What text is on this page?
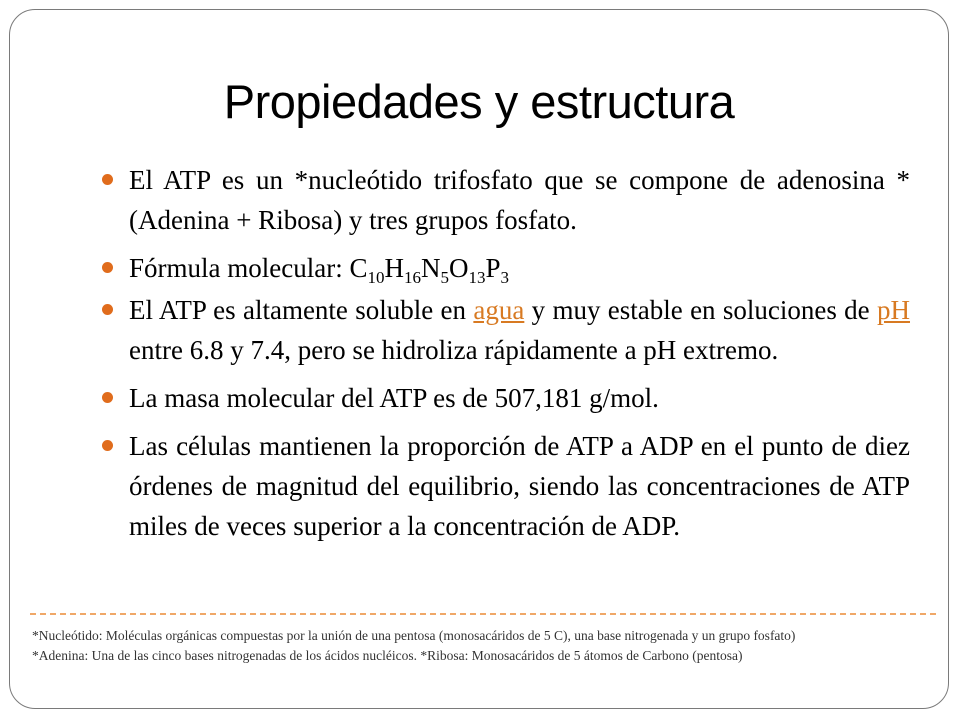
Propiedades y estructura
El ATP es un *nucleótido trifosfato que se compone de adenosina *(Adenina + Ribosa) y tres grupos fosfato.
Fórmula molecular: $C_{10}H_{16}N_5O_{13}P_3$
El ATP es altamente soluble en agua y muy estable en soluciones de pH entre 6.8 y 7.4, pero se hidroliza rápidamente a pH extremo.
La masa molecular del ATP es de 507,181 g/mol.
Las células mantienen la proporción de ATP a ADP en el punto de diez órdenes de magnitud del equilibrio, siendo las concentraciones de ATP miles de veces superior a la concentración de ADP.

*Nucleótido: Moléculas orgánicas compuestas por la unión de una pentosa (monosacáridos de 5 C), una base nitrogenada y un grupo fosfato)

*Adenina: Una de las cinco bases nitrogenadas de los ácidos nucléicos. *Ribosa: Monosacáridos de 5 átomos de Carbono (pentosa)
